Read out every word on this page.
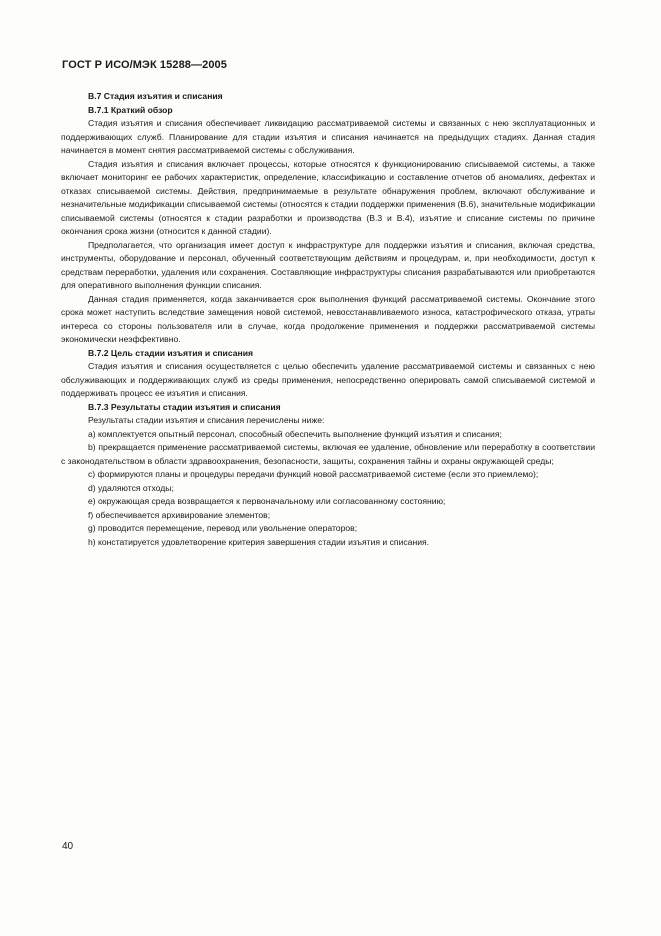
ГОСТ Р ИСО/МЭК 15288—2005

В.7 Стадия изъятия и списания

В.7.1 Краткий обзор

Стадия изъятия и списания обеспечивает ликвидацию рассматриваемой системы и связанных с нею эксплуатационных и поддерживающих служб. Планирование для стадии изъятия и списания начинается на предыдущих стадиях. Данная стадия начинается в момент снятия рассматриваемой системы с обслуживания.

Стадия изъятия и списания включает процессы, которые относятся к функционированию списываемой системы, а также включает мониторинг ее рабочих характеристик, определение, классификацию и составление отчетов об аномалиях, дефектах и отказах списываемой системы. Действия, предпринимаемые в результате обнаружения проблем, включают обслуживание и незначительные модификации списываемой системы (относятся к стадии поддержки применения (В.6), значительные модификации списываемой системы (относятся к стадии разработки и производства (В.3 и В.4), изъятие и списание системы по причине окончания срока жизни (относится к данной стадии).

Предполагается, что организация имеет доступ к инфраструктуре для поддержки изъятия и списания, включая средства, инструменты, оборудование и персонал, обученный соответствующим действиям и процедурам, и, при необходимости, доступ к средствам переработки, удаления или сохранения. Составляющие инфраструктуры списания разрабатываются или приобретаются для оперативного выполнения функции списания.

Данная стадия применяется, когда заканчивается срок выполнения функций рассматриваемой системы. Окончание этого срока может наступить вследствие замещения новой системой, невосстанавливаемого износа, катастрофического отказа, утраты интереса со стороны пользователя или в случае, когда продолжение применения и поддержки рассматриваемой системы экономически неэффективно.

В.7.2 Цель стадии изъятия и списания

Стадия изъятия и списания осуществляется с целью обеспечить удаление рассматриваемой системы и связанных с нею обслуживающих и поддерживающих служб из среды применения, непосредственно оперировать самой списываемой системой и поддерживать процесс ее изъятия и списания.

В.7.3 Результаты стадии изъятия и списания

Результаты стадии изъятия и списания перечислены ниже:

а) комплектуется опытный персонал, способный обеспечить выполнение функций изъятия и списания;

b) прекращается применение рассматриваемой системы, включая ее удаление, обновление или переработку в соответствии с законодательством в области здравоохранения, безопасности, защиты, сохранения тайны и охраны окружающей среды;

c) формируются планы и процедуры передачи функций новой рассматриваемой системе (если это приемлемо);

d) удаляются отходы;

e) окружающая среда возвращается к первоначальному или согласованному состоянию;

f) обеспечивается архивирование элементов;

g) проводится перемещение, перевод или увольнение операторов;

h) констатируется удовлетворение критерия завершения стадии изъятия и списания.

40
